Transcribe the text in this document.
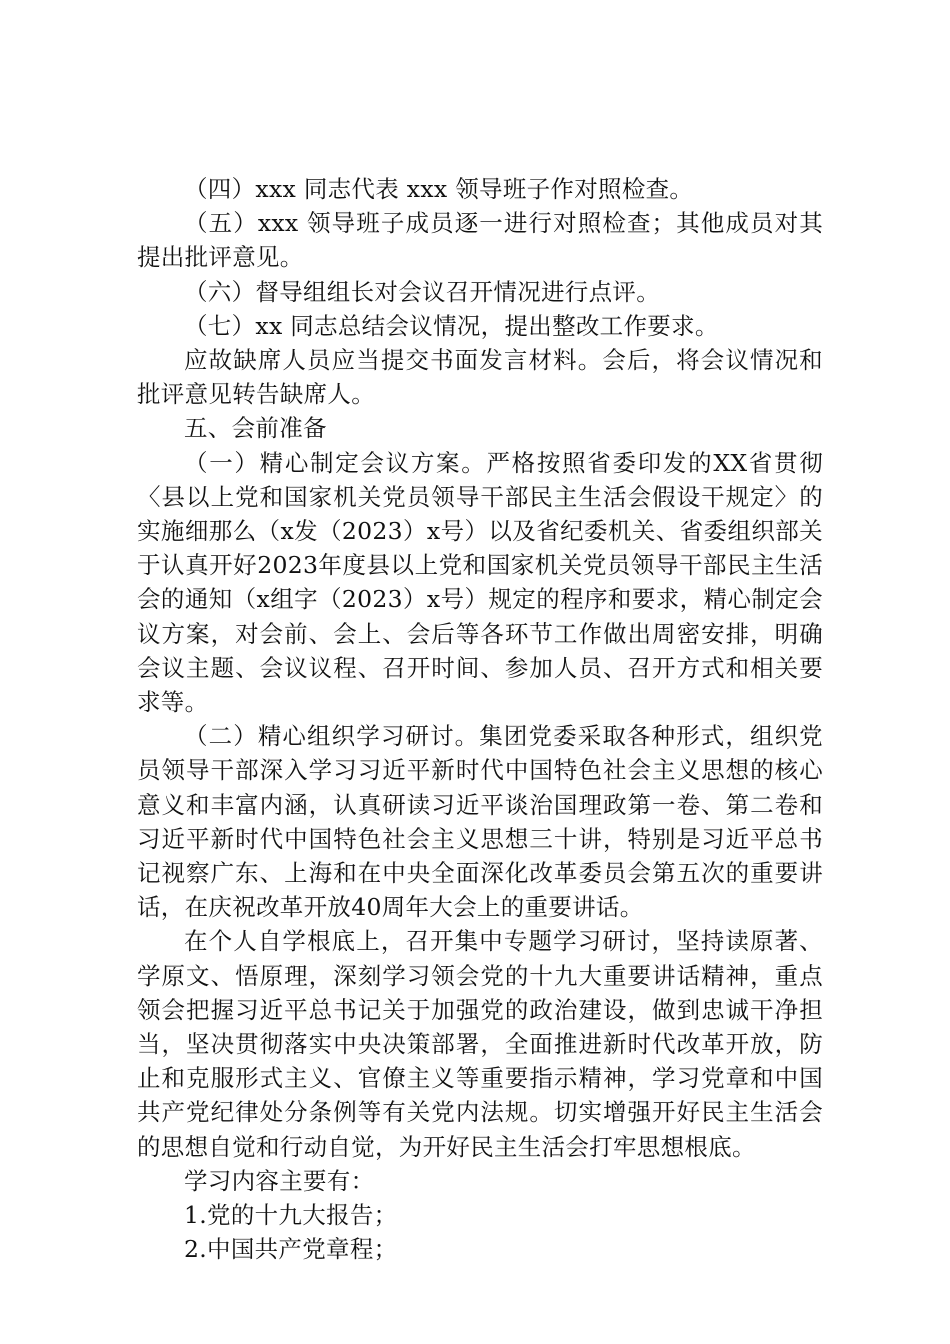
（四）xxx 同志代表 xxx 领导班子作对照检查。

（五）xxx 领导班子成员逐一进行对照检查；其他成员对其提出批评意见。

（六）督导组组长对会议召开情况进行点评。

（七）xx 同志总结会议情况，提出整改工作要求。

应故缺席人员应当提交书面发言材料。会后，将会议情况和批评意见转告缺席人。

五、会前准备

（一）精心制定会议方案。严格按照省委印发的XX省贯彻〈县以上党和国家机关党员领导干部民主生活会假设干规定〉的实施细那么（x发（2023）x号）以及省纪委机关、省委组织部关于认真开好2023年度县以上党和国家机关党员领导干部民主生活会的通知（x组字（2023）x号）规定的程序和要求，精心制定会议方案，对会前、会上、会后等各环节工作做出周密安排，明确会议主题、会议议程、召开时间、参加人员、召开方式和相关要求等。

（二）精心组织学习研讨。集团党委采取各种形式，组织党员领导干部深入学习习近平新时代中国特色社会主义思想的核心意义和丰富内涵，认真研读习近平谈治国理政第一卷、第二卷和习近平新时代中国特色社会主义思想三十讲，特别是习近平总书记视察广东、上海和在中央全面深化改革委员会第五次的重要讲话，在庆祝改革开放40周年大会上的重要讲话。

在个人自学根底上，召开集中专题学习研讨，坚持读原著、学原文、悟原理，深刻学习领会党的十九大重要讲话精神，重点领会把握习近平总书记关于加强党的政治建设，做到忠诚干净担当，坚决贯彻落实中央决策部署，全面推进新时代改革开放，防止和克服形式主义、官僚主义等重要指示精神，学习党章和中国共产党纪律处分条例等有关党内法规。切实增强开好民主生活会的思想自觉和行动自觉，为开好民主生活会打牢思想根底。

学习内容主要有：

1.党的十九大报告；

2.中国共产党章程；
